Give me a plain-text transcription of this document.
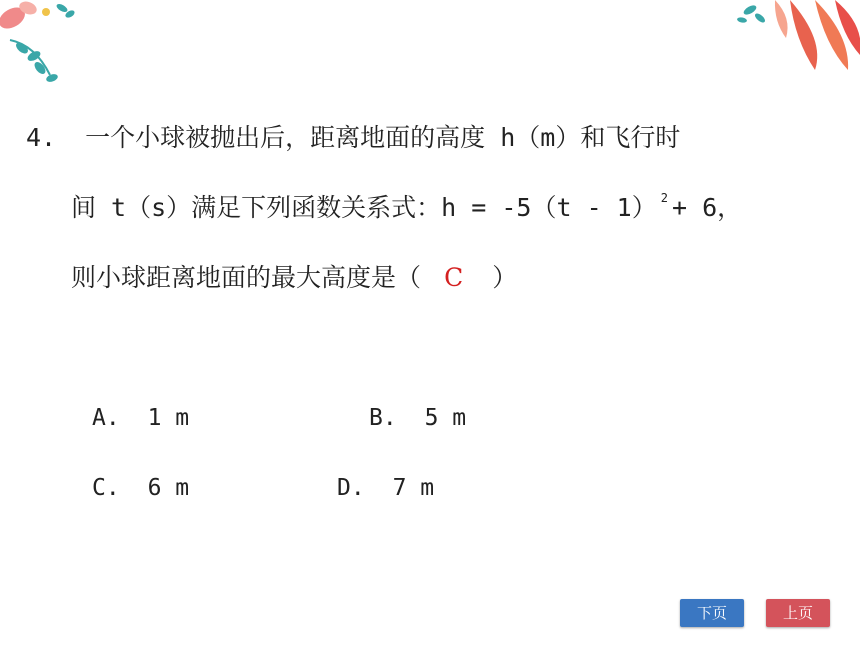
4. 一个小球被抛出后，距离地面的高度 h（m）和飞行时
间 t（s）满足下列函数关系式：h = -5（t - 1） $^2$ + 6，
则小球距离地面的最大高度是（ C ）
A. 1 m	B. 5 m
C. 6 m	D. 7 m
下页	上页
